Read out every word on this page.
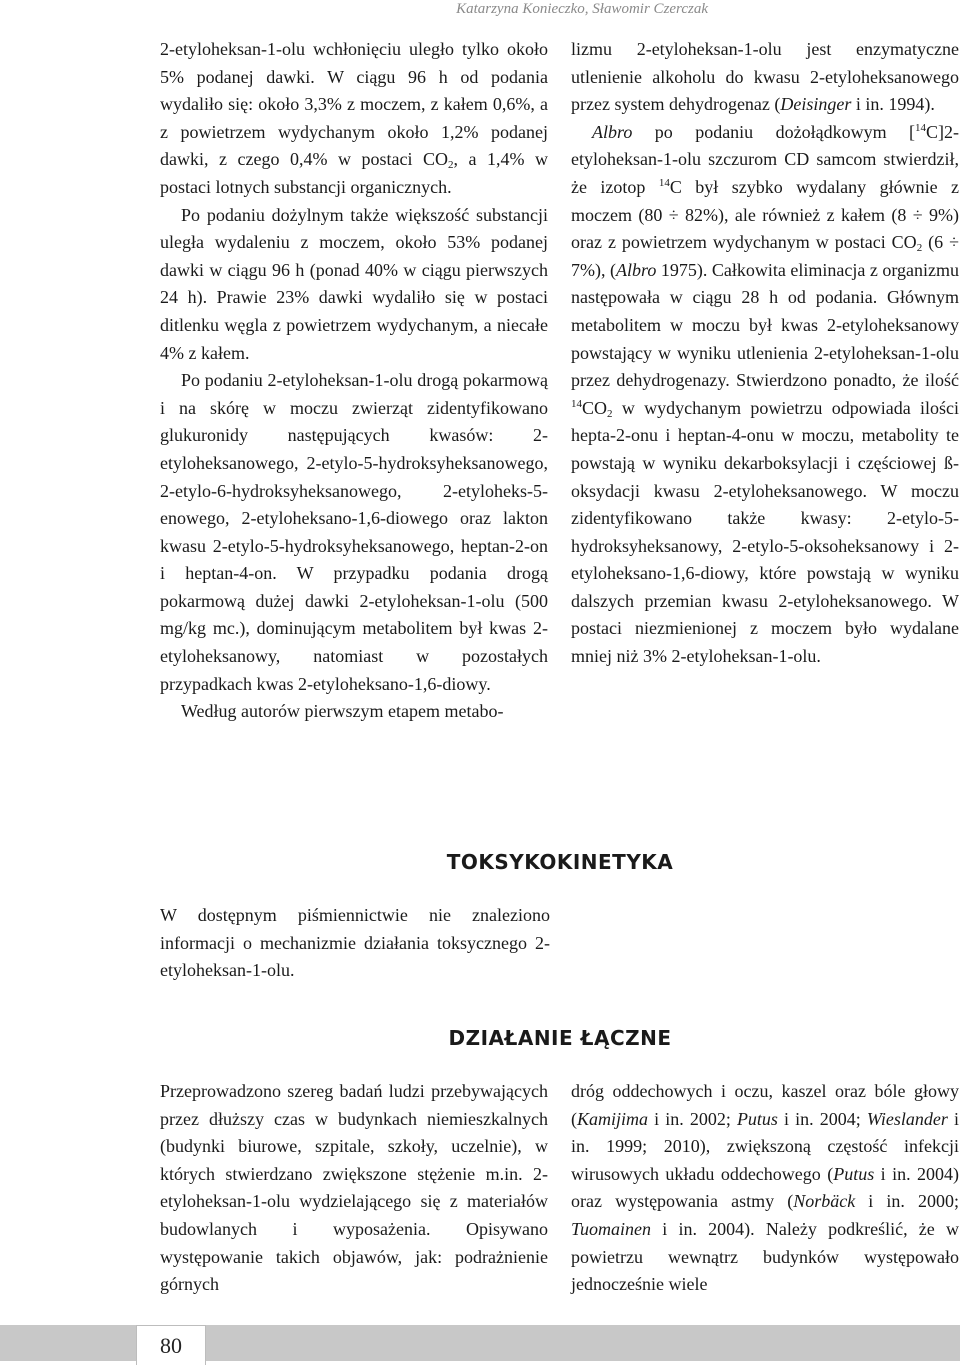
Katarzyna Konieczko, Sławomir Czerczak

2-etyloheksan-1-olu wchłonięciu uległo tylko około 5% podanej dawki. W ciągu 96 h od podania wydaliło się: około 3,3% z moczem, z kałem 0,6%, a z powietrzem wydychanym około 1,2% podanej dawki, z czego 0,4% w postaci $CO_2$, a 1,4% w postaci lotnych substancji organicznych.

Po podaniu dożylnym także większość substancji uległa wydaleniu z moczem, około 53% podanej dawki w ciągu 96 h (ponad 40% w ciągu pierwszych 24 h). Prawie 23% dawki wydaliło się w postaci ditlenku węgla z powietrzem wydychanym, a niecałe 4% z kałem.

Po podaniu 2-etyloheksan-1-olu drogą pokarmową i na skórę w moczu zwierząt zidentyfikowano glukuronidy następujących kwasów: 2-etyloheksanowego, 2-etylo-5-hydroksyheksanowego, 2-etylo-6-hydroksyheksanowego, 2-etyloheks-5-enowego, 2-etyloheksano-1,6-diowego oraz lakton kwasu 2-etylo-5-hydroksyheksanowego, heptan-2-on i heptan-4-on. W przypadku podania drogą pokarmową dużej dawki 2-etyloheksan-1-olu (500 mg/kg mc.), dominującym metabolitem był kwas 2-etyloheksanowy, natomiast w pozostałych przypadkach kwas 2-etyloheksano-1,6-diowy.

Według autorów pierwszym etapem metabo-

lizmu 2-etyloheksan-1-olu jest enzymatyczne utlenienie alkoholu do kwasu 2-etyloheksanowego przez system dehydrogenaz (Deisinger i in. 1994).

Albro po podaniu dożołądkowym [$^{14}$C]2-etyloheksan-1-olu szczurom CD samcom stwierdził, że izotop $^{14}$C był szybko wydalany głównie z moczem (80 ÷ 82%), ale również z kałem (8 ÷ 9%) oraz z powietrzem wydychanym w postaci $CO_2$ (6 ÷ 7%), (Albro 1975). Całkowita eliminacja z organizmu następowała w ciągu 28 h od podania. Głównym metabolitem w moczu był kwas 2-etyloheksanowy powstający w wyniku utlenienia 2-etyloheksan-1-olu przez dehydrogenazy. Stwierdzono ponadto, że ilość $^{14}CO_2$ w wydychanym powietrzu odpowiada ilości hepta-2-onu i heptan-4-onu w moczu, metabolity te powstają w wyniku dekarboksylacji i częściowej ß-oksydacji kwasu 2-etyloheksanowego. W moczu zidentyfikowano także kwasy: 2-etylo-5-hydroksyheksanowy, 2-etylo-5-oksoheksanowy i 2-etyloheksano-1,6-diowy, które powstają w wyniku dalszych przemian kwasu 2-etyloheksanowego. W postaci niezmienionej z moczem było wydalane mniej niż 3% 2-etyloheksan-1-olu.

TOKSYKOKINETYKA

W dostępnym piśmiennictwie nie znaleziono informacji o mechanizmie działania toksycznego 2-etyloheksan-1-olu.

DZIAŁANIE ŁĄCZNE

Przeprowadzono szereg badań ludzi przebywających przez dłuższy czas w budynkach niemieszkalnych (budynki biurowe, szpitale, szkoły, uczelnie), w których stwierdzano zwiększone stężenie m.in. 2-etyloheksan-1-olu wydzielającego się z materiałów budowlanych i wyposażenia. Opisywano występowanie takich objawów, jak: podrażnienie górnych

dróg oddechowych i oczu, kaszel oraz bóle głowy (Kamijima i in. 2002; Putus i in. 2004; Wieslander i in. 1999; 2010), zwiększoną częstość infekcji wirusowych układu oddechowego (Putus i in. 2004) oraz występowania astmy (Norbäck i in. 2000; Tuomainen i in. 2004). Należy podkreślić, że w powietrzu wewnątrz budynków występowało jednocześnie wiele

80
